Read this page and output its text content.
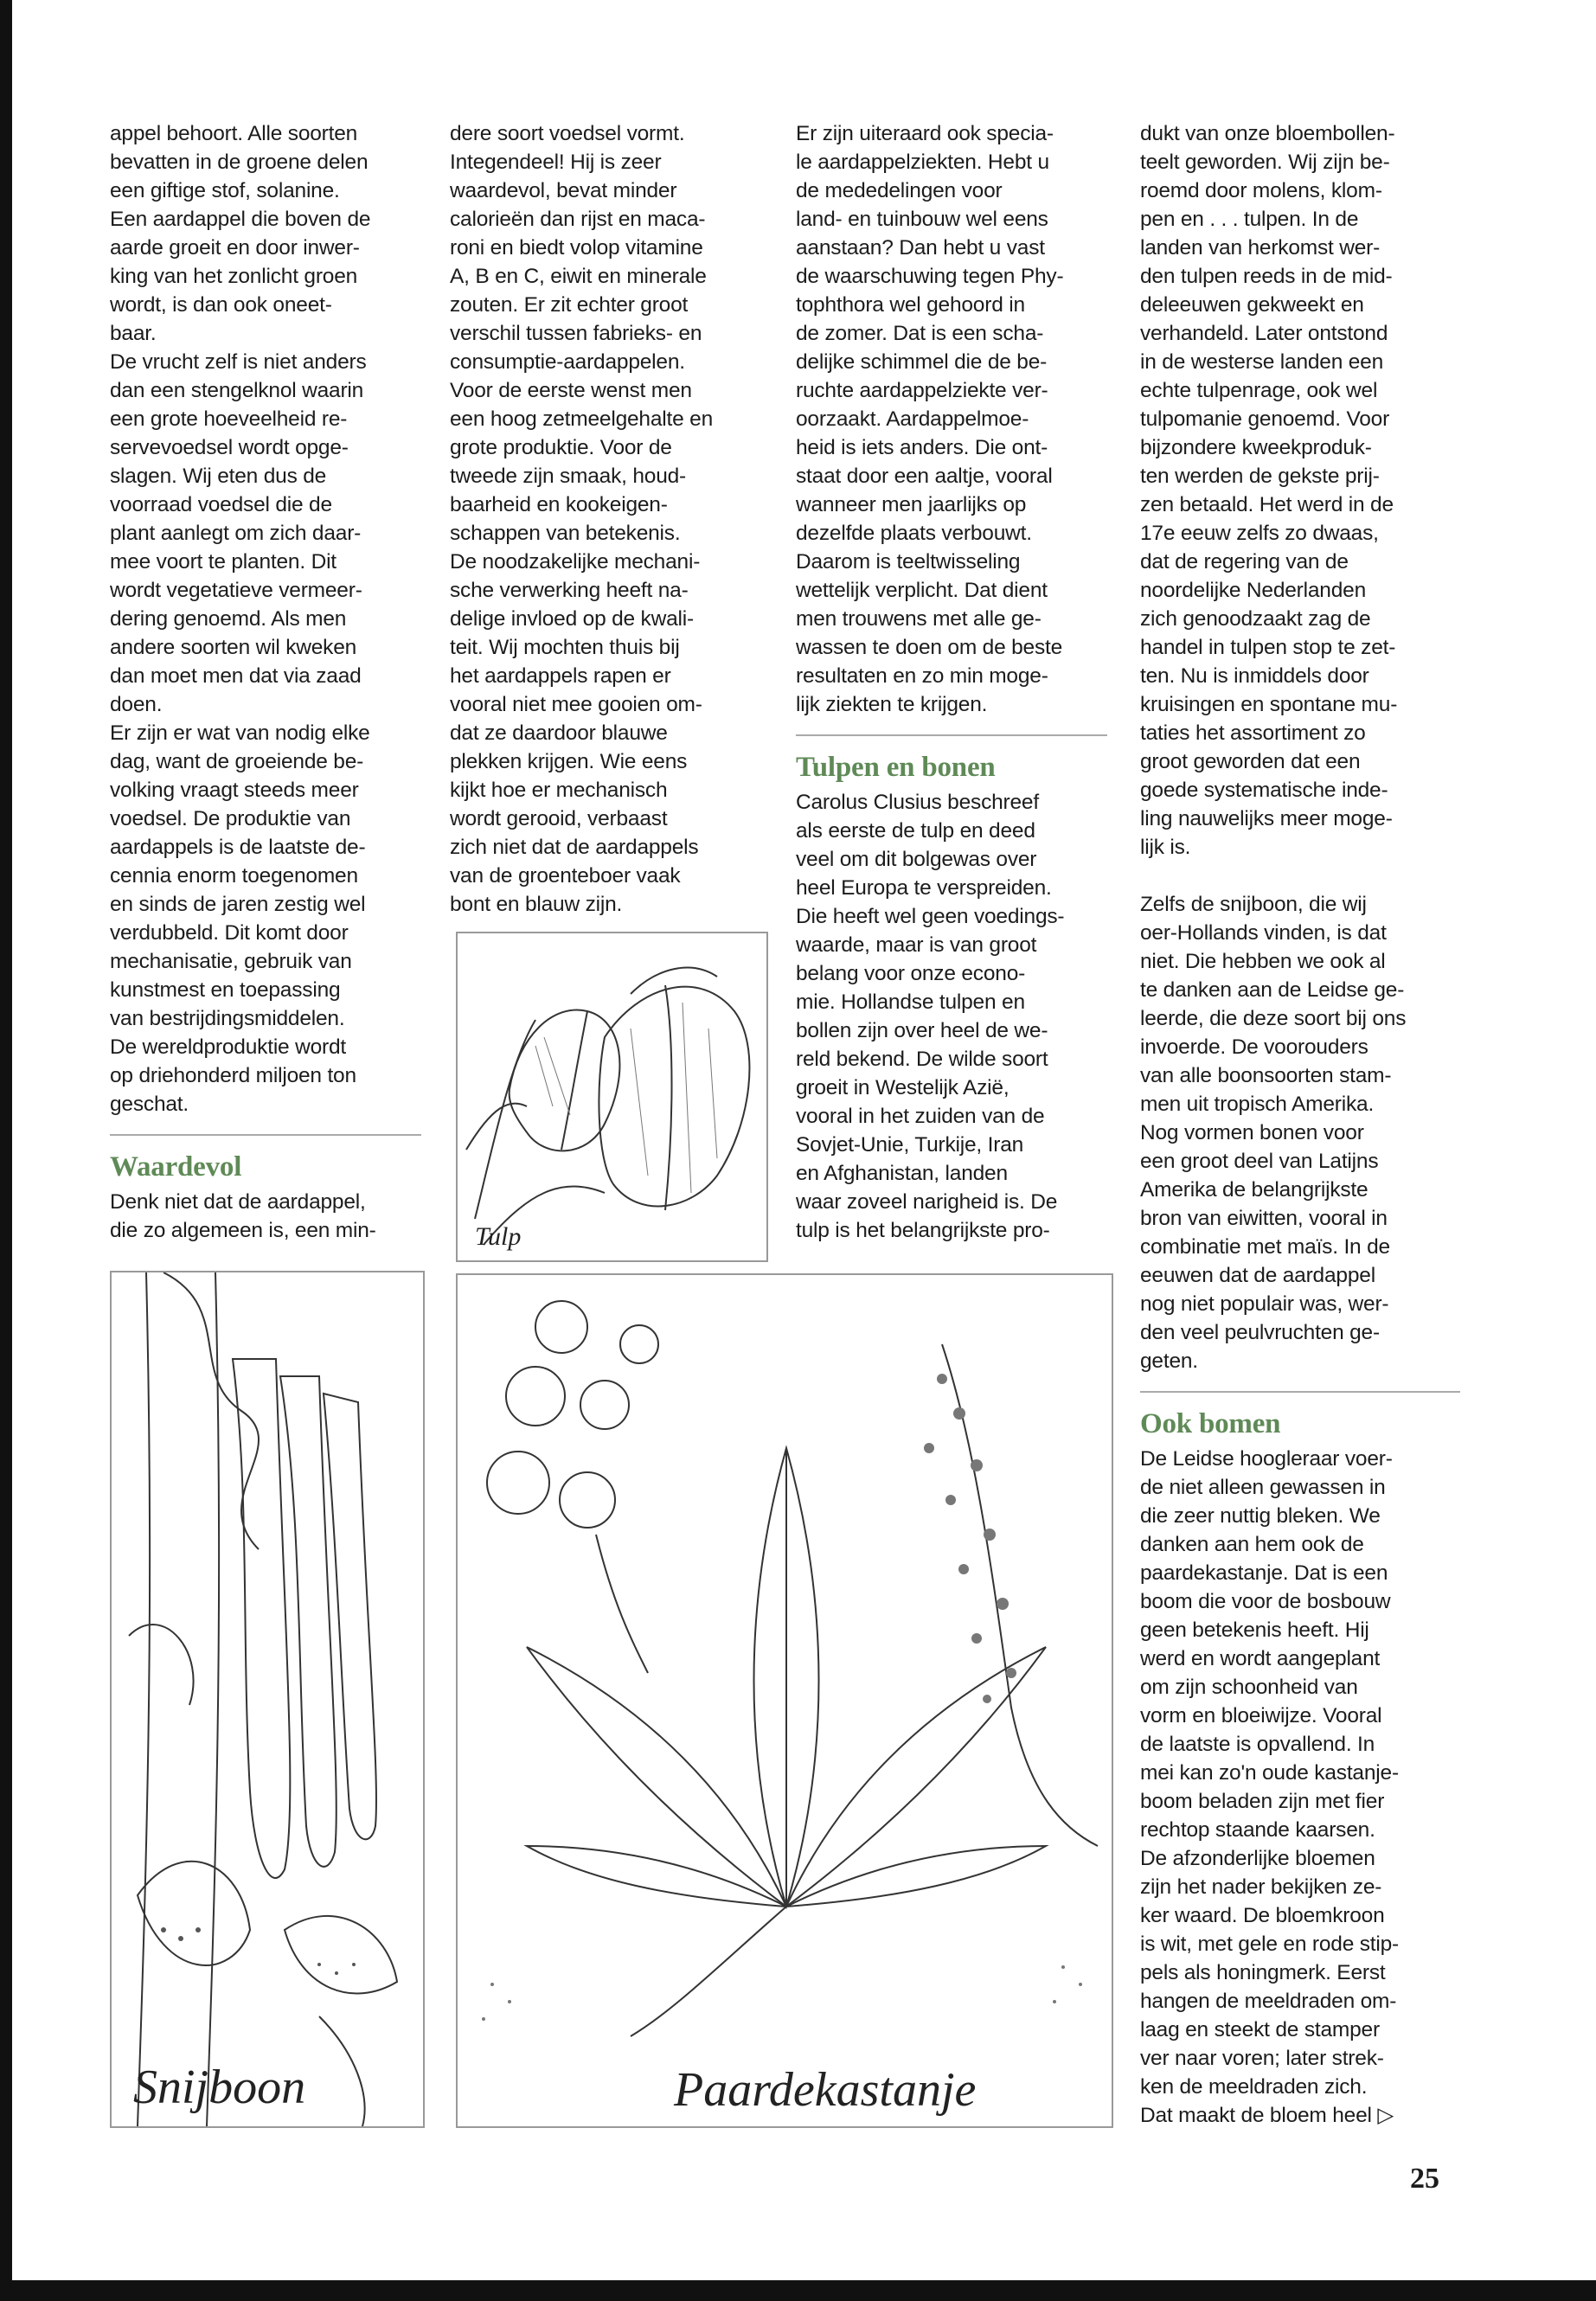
appel behoort. Alle soorten

bevatten in de groene delen

een giftige stof, solanine.

Een aardappel die boven de

aarde groeit en door inwer-

king van het zonlicht groen

wordt, is dan ook oneet-

baar.

De vrucht zelf is niet anders

dan een stengelknol waarin

een grote hoeveelheid re-

servevoedsel wordt opge-

slagen. Wij eten dus de

voorraad voedsel die de

plant aanlegt om zich daar-

mee voort te planten. Dit

wordt vegetatieve vermeer-

dering genoemd. Als men

andere soorten wil kweken

dan moet men dat via zaad

doen.

Er zijn er wat van nodig elke

dag, want de groeiende be-

volking vraagt steeds meer

voedsel. De produktie van

aardappels is de laatste de-

cennia enorm toegenomen

en sinds de jaren zestig wel

verdubbeld. Dit komt door

mechanisatie, gebruik van

kunstmest en toepassing

van bestrijdingsmiddelen.

De wereldproduktie wordt

op driehonderd miljoen ton

geschat.

Waardevol

Denk niet dat de aardappel,

die zo algemeen is, een min-

dere soort voedsel vormt.

Integendeel! Hij is zeer

waardevol, bevat minder

calorieën dan rijst en maca-

roni en biedt volop vitamine

A, B en C, eiwit en minerale

zouten. Er zit echter groot

verschil tussen fabrieks- en

consumptie-aardappelen.

Voor de eerste wenst men

een hoog zetmeelgehalte en

grote produktie. Voor de

tweede zijn smaak, houd-

baarheid en kookeigen-

schappen van betekenis.

De noodzakelijke mechani-

sche verwerking heeft na-

delige invloed op de kwali-

teit. Wij mochten thuis bij

het aardappels rapen er

vooral niet mee gooien om-

dat ze daardoor blauwe

plekken krijgen. Wie eens

kijkt hoe er mechanisch

wordt gerooid, verbaast

zich niet dat de aardappels

van de groenteboer vaak

bont en blauw zijn.

Er zijn uiteraard ook specia-

le aardappelziekten. Hebt u

de mededelingen voor

land- en tuinbouw wel eens

aanstaan? Dan hebt u vast

de waarschuwing tegen Phy-

tophthora wel gehoord in

de zomer. Dat is een scha-

delijke schimmel die de be-

ruchte aardappelziekte ver-

oorzaakt. Aardappelmoe-

heid is iets anders. Die ont-

staat door een aaltje, vooral

wanneer men jaarlijks op

dezelfde plaats verbouwt.

Daarom is teeltwisseling

wettelijk verplicht. Dat dient

men trouwens met alle ge-

wassen te doen om de beste

resultaten en zo min moge-

lijk ziekten te krijgen.

Tulpen en bonen

Carolus Clusius beschreef

als eerste de tulp en deed

veel om dit bolgewas over

heel Europa te verspreiden.

Die heeft wel geen voedings-

waarde, maar is van groot

belang voor onze econo-

mie. Hollandse tulpen en

bollen zijn over heel de we-

reld bekend. De wilde soort

groeit in Westelijk Azië,

vooral in het zuiden van de

Sovjet-Unie, Turkije, Iran

en Afghanistan, landen

waar zoveel narigheid is. De

tulp is het belangrijkste pro-

dukt van onze bloembollen-

teelt geworden. Wij zijn be-

roemd door molens, klom-

pen en . . . tulpen. In de

landen van herkomst wer-

den tulpen reeds in de mid-

deleeuwen gekweekt en

verhandeld. Later ontstond

in de westerse landen een

echte tulpenrage, ook wel

tulpomanie genoemd. Voor

bijzondere kweekproduk-

ten werden de gekste prij-

zen betaald. Het werd in de

17e eeuw zelfs zo dwaas,

dat de regering van de

noordelijke Nederlanden

zich genoodzaakt zag de

handel in tulpen stop te zet-

ten. Nu is inmiddels door

kruisingen en spontane mu-

taties het assortiment zo

groot geworden dat een

goede systematische inde-

ling nauwelijks meer moge-

lijk is.

Zelfs de snijboon, die wij

oer-Hollands vinden, is dat

niet. Die hebben we ook al

te danken aan de Leidse ge-

leerde, die deze soort bij ons

invoerde. De voorouders

van alle boonsoorten stam-

men uit tropisch Amerika.

Nog vormen bonen voor

een groot deel van Latijns

Amerika de belangrijkste

bron van eiwitten, vooral in

combinatie met maïs. In de

eeuwen dat de aardappel

nog niet populair was, wer-

den veel peulvruchten ge-

geten.

Ook bomen

De Leidse hoogleraar voer-

de niet alleen gewassen in

die zeer nuttig bleken. We

danken aan hem ook de

paardekastanje. Dat is een

boom die voor de bosbouw

geen betekenis heeft. Hij

werd en wordt aangeplant

om zijn schoonheid van

vorm en bloeiwijze. Vooral

de laatste is opvallend. In

mei kan zo'n oude kastanje-

boom beladen zijn met fier

rechtop staande kaarsen.

De afzonderlijke bloemen

zijn het nader bekijken ze-

ker waard. De bloemkroon

is wit, met gele en rode stip-

pels als honingmerk. Eerst

hangen de meeldraden om-

laag en steekt de stamper

ver naar voren; later strek-

ken de meeldraden zich.

Dat maakt de bloem heel ▷

Tulp
Snijboon	Paardekastanje
25
